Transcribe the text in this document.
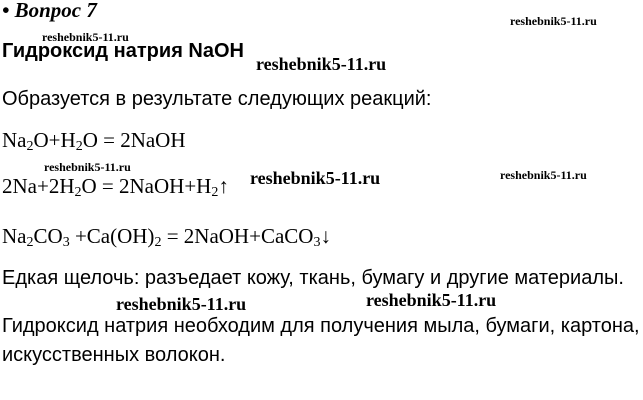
• Вопрос 7	reshebnik5-11.ru
reshebnik5-11.ru
Гидроксид натрия NaOH
reshebnik5-11.ru
Образуется в результате следующих реакций:
$Na_2O+H_2O$ = 2NaOH
reshebnik5-11.ru
$2Na+2H_2O$ = $2NaOH+H_2↑$ reshebnik5-11.ru	reshebnik5-11.ru
$Na_2CO_3 +Ca(OH)_2$ = 2NaOH+CaCO$_3$↓
Едкая щелочь: разъедает кожу, ткань, бумагу и другие материалы.
reshebnik5-11.ru	reshebnik5-11.ru
Гидроксид натрия необходим для получения мыла, бумаги, картона,
искусственных волокон.
